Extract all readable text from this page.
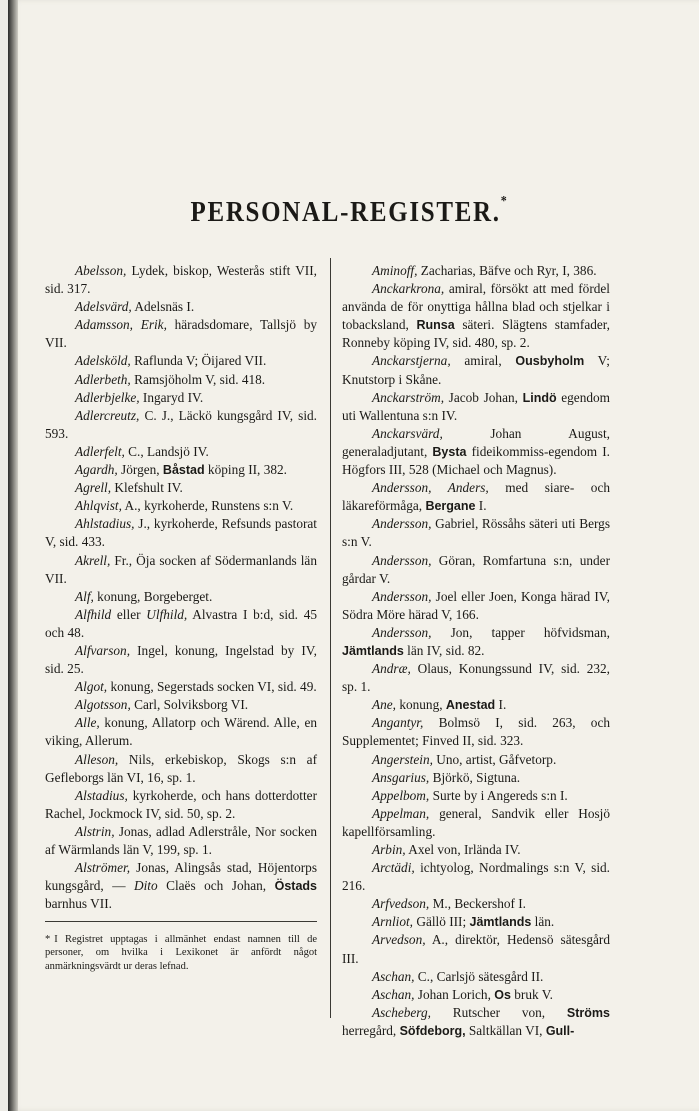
PERSONAL-REGISTER.*

Abelsson, Lydek, biskop, Westerås stift VII, sid. 317.

Adelsvärd, Adelsnäs I.

Adamsson, Erik, häradsdomare, Tallsjö by VII.

Adelsköld, Raflunda V; Öijared VII.

Adlerbeth, Ramsjöholm V, sid. 418.

Adlerbjelke, Ingaryd IV.

Adlercreutz, C. J., Läckö kungsgård IV, sid. 593.

Adlerfelt, C., Landsjö IV.

Agardh, Jörgen, Båstad köping II, 382.

Agrell, Klefshult IV.

Ahlqvist, A., kyrkoherde, Runstens s:n V.

Ahlstadius, J., kyrkoherde, Refsunds pastorat V, sid. 433.

Akrell, Fr., Öja socken af Södermanlands län VII.

Alf, konung, Borgeberget.

Alfhild eller Ulfhild, Alvastra I b:d, sid. 45 och 48.

Alfvarson, Ingel, konung, Ingelstad by IV, sid. 25.

Algot, konung, Segerstads socken VI, sid. 49.

Algotsson, Carl, Solviksborg VI.

Alle, konung, Allatorp och Wärend. Alle, en viking, Allerum.

Alleson, Nils, erkebiskop, Skogs s:n af Gefleborgs län VI, 16, sp. 1.

Alstadius, kyrkoherde, och hans dotterdotter Rachel, Jockmock IV, sid. 50, sp. 2.

Alstrin, Jonas, adlad Adlerstråle, Nor socken af Wärmlands län V, 199, sp. 1.

Alströmer, Jonas, Alingsås stad, Höjentorps kungsgård, — Dito Claës och Johan, Östads barnhus VII.

* I Registret upptagas i allmänhet endast namnen till de personer, om hvilka i Lexikonet är anfördt något anmärkningsvärdt ur deras lefnad.

Aminoff, Zacharias, Bäfve och Ryr, I, 386.

Anckarkrona, amiral, försökt att med fördel använda de för onyttiga hållna blad och stjelkar i tobacksland, Runsa säteri. Slägtens stamfader, Ronneby köping IV, sid. 480, sp. 2.

Anckarstjerna, amiral, Ousbyholm V; Knutstorp i Skåne.

Anckarström, Jacob Johan, Lindö egendom uti Wallentuna s:n IV.

Anckarsvärd, Johan August, generaladjutant, Bysta fideikommiss-egendom I. Högfors III, 528 (Michael och Magnus).

Andersson, Anders, med siare- och läkareförmåga, Bergane I.

Andersson, Gabriel, Rössåhs säteri uti Bergs s:n V.

Andersson, Göran, Romfartuna s:n, under gårdar V.

Andersson, Joel eller Joen, Konga härad IV, Södra Möre härad V, 166.

Andersson, Jon, tapper höfvidsman, Jämtlands län IV, sid. 82.

Andræ, Olaus, Konungssund IV, sid. 232, sp. 1.

Ane, konung, Anestad I.

Angantyr, Bolmsö I, sid. 263, och Supplementet; Finved II, sid. 323.

Angerstein, Uno, artist, Gåfvetorp.

Ansgarius, Björkö, Sigtuna.

Appelbom, Surte by i Angereds s:n I.

Appelman, general, Sandvik eller Hosjö kapellförsamling.

Arbin, Axel von, Irlända IV.

Arctädi, ichtyolog, Nordmalings s:n V, sid. 216.

Arfvedson, M., Beckershof I.

Arnliot, Gällö III; Jämtlands län.

Arvedson, A., direktör, Hedensö sätesgård III.

Aschan, C., Carlsjö sätesgård II.

Aschan, Johan Lorich, Os bruk V.

Ascheberg, Rutscher von, Ströms herregård, Söfdeborg, Saltkällan VI, Gull-
